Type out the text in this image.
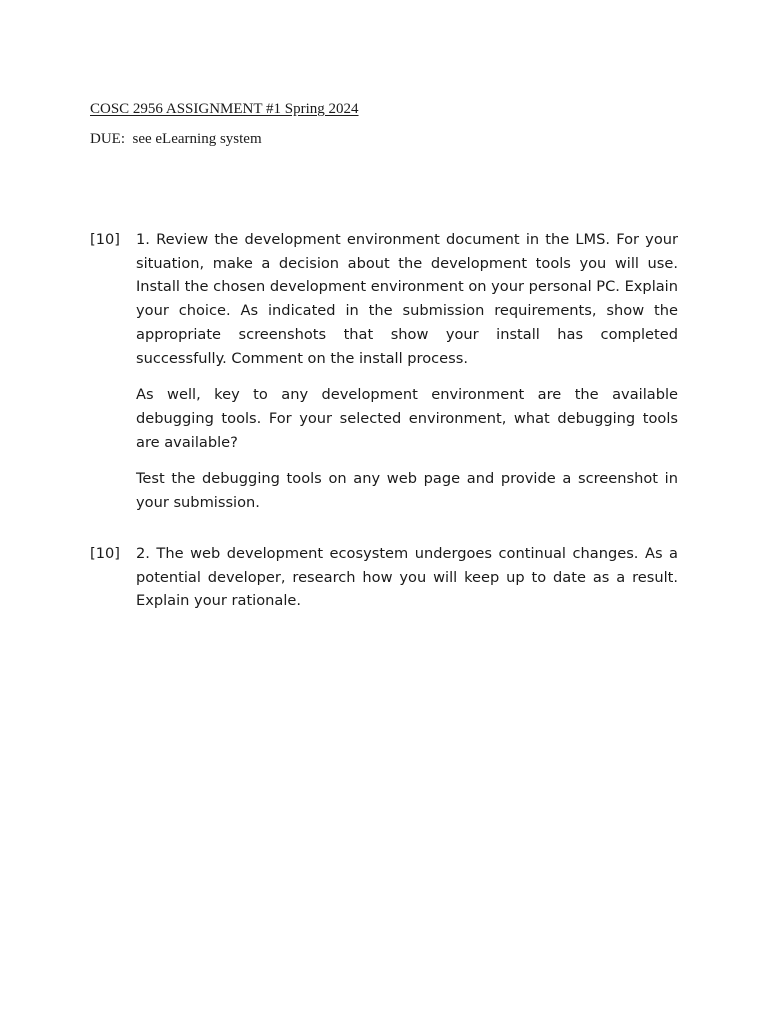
COSC 2956 ASSIGNMENT #1 Spring 2024
DUE:  see eLearning system
[10] 1. Review the development environment document in the LMS. For your situation, make a decision about the development tools you will use. Install the chosen development environment on your personal PC. Explain your choice. As indicated in the submission requirements, show the appropriate screenshots that show your install has completed successfully. Comment on the install process.

As well, key to any development environment are the available debugging tools. For your selected environment, what debugging tools are available?

Test the debugging tools on any web page and provide a screenshot in your submission.

[10] 2. The web development ecosystem undergoes continual changes. As a potential developer, research how you will keep up to date as a result. Explain your rationale.
